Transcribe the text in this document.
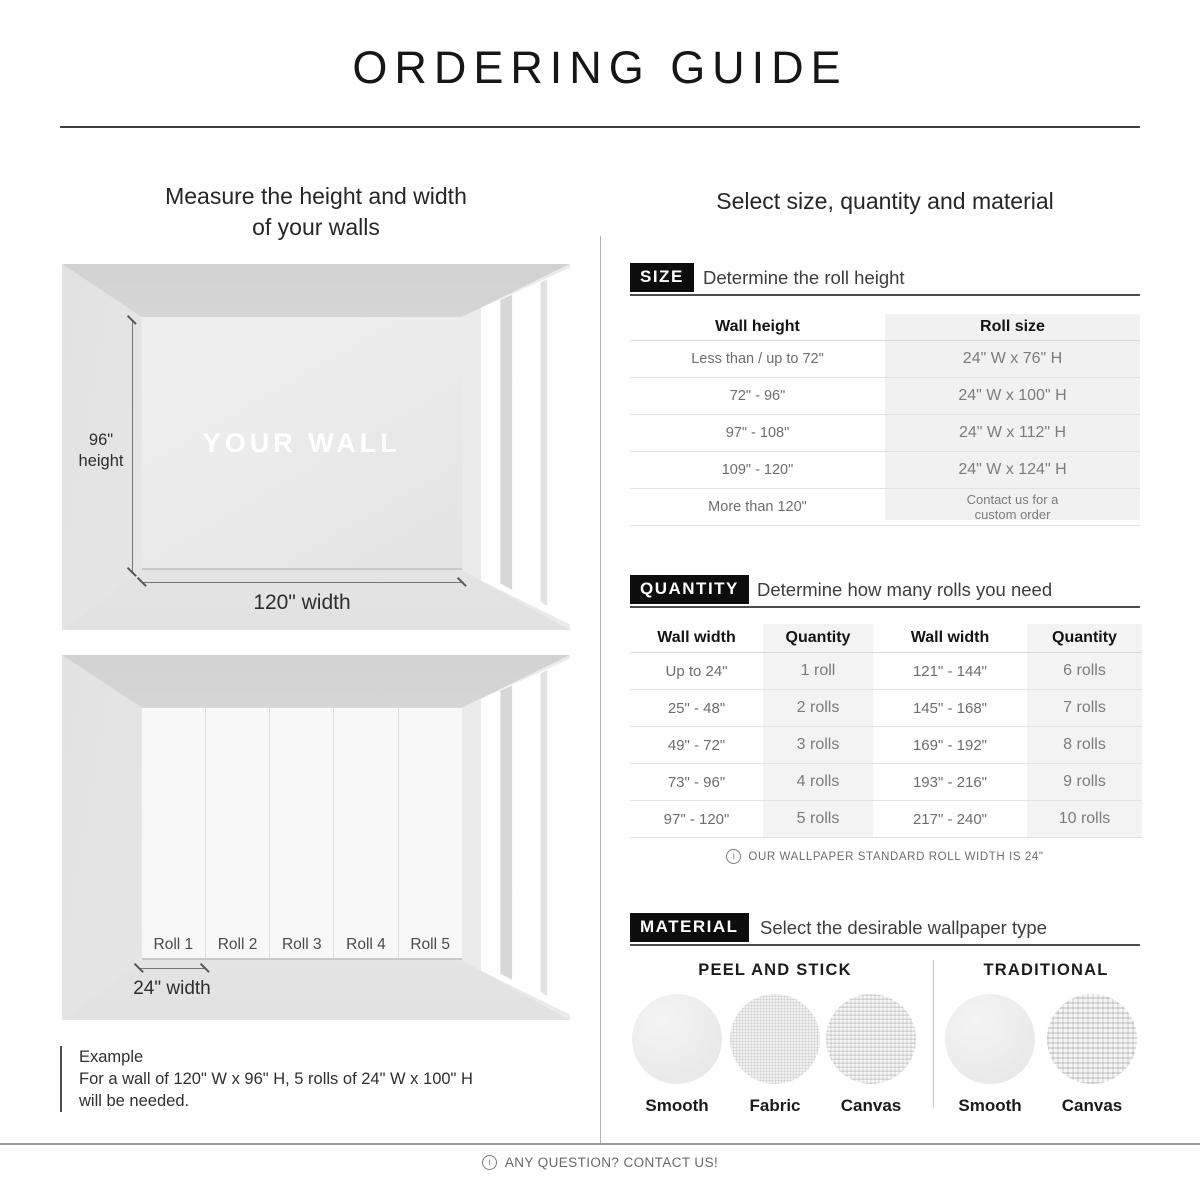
ORDERING GUIDE
Measure the height and width
of your walls
Select size, quantity and material
YOUR WALL
96"
height
120" width
Roll 1	Roll 2	Roll 3	Roll 4	Roll 5
24" width
Example
For a wall of 120" W x 96" H, 5 rolls of 24" W x 100" H
will be needed.
SIZE	Determine the roll height
Wall height	Roll size
Less than / up to 72"	24" W x 76" H
72" - 96"	24" W x 100" H
97" - 108"	24" W x 112" H
109" - 120"	24" W x 124" H
More than 120"	Contact us for a custom order
QUANTITY Determine how many rolls you need
Wall width	Quantity	Wall width	Quantity
Up to 24"	1 roll	121" - 144"	6 rolls
25" - 48"	2 rolls	145" - 168"	7 rolls
49" - 72"	3 rolls	169" - 192"	8 rolls
73" - 96"	4 rolls	193" - 216"	9 rolls
97" - 120"	5 rolls	217" - 240"	10 rolls
i	OUR WALLPAPER STANDARD ROLL WIDTH IS 24"
MATERIAL	Select the desirable wallpaper type
PEEL AND STICK	TRADITIONAL
Smooth	Fabric	Canvas	Smooth	Canvas
i	ANY QUESTION? CONTACT US!
